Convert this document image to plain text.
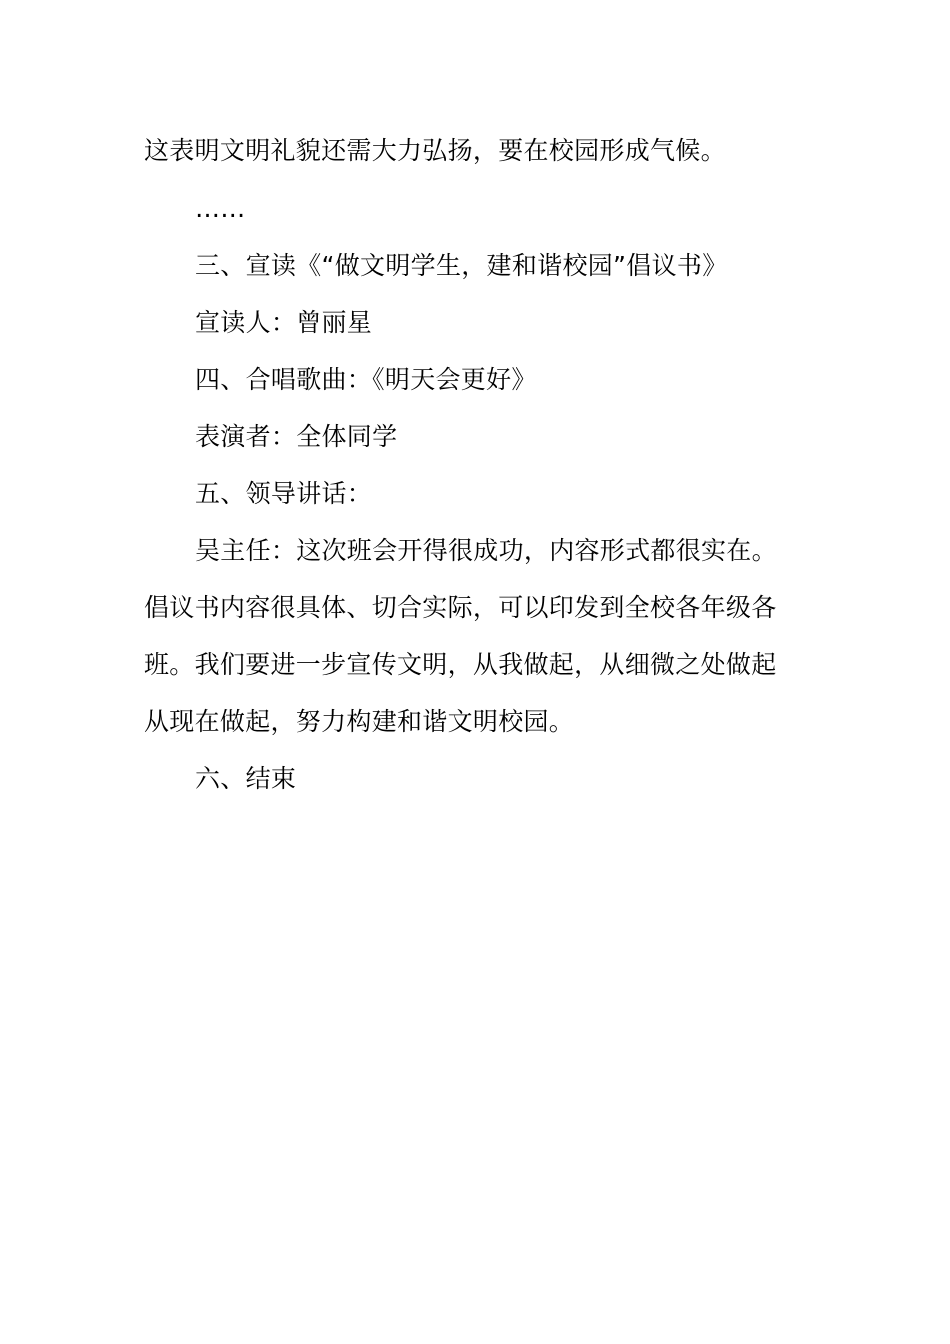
这表明文明礼貌还需大力弘扬，要在校园形成气候。
……
三、宣读《“做文明学生，建和谐校园”倡议书》
宣读人：曾丽星
四、合唱歌曲：《明天会更好》
表演者：全体同学
五、领导讲话：
吴主任：这次班会开得很成功，内容形式都很实在。
倡议书内容很具体、切合实际，可以印发到全校各年级各
班。我们要进一步宣传文明，从我做起，从细微之处做起
从现在做起，努力构建和谐文明校园。
六、结束
